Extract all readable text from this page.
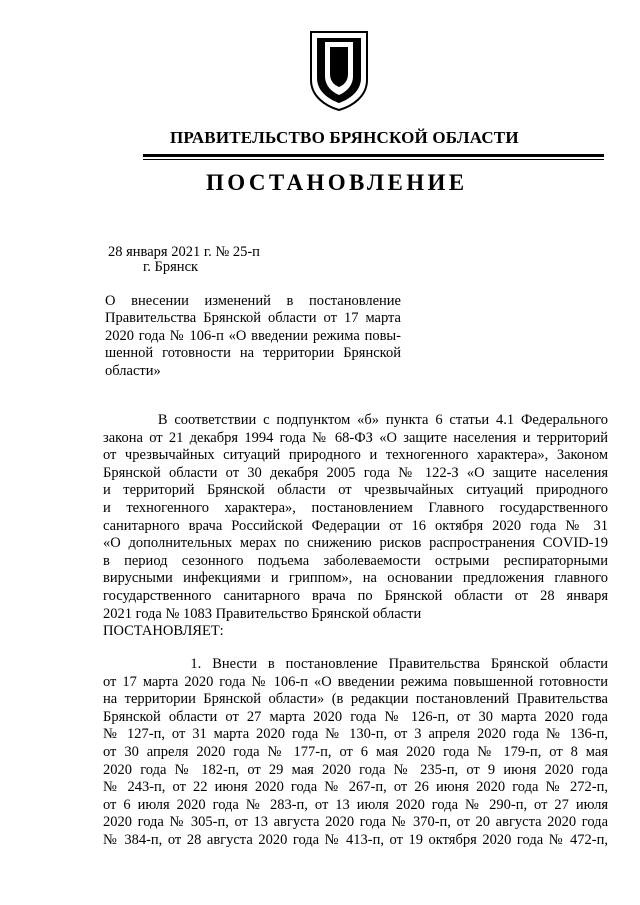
ПРАВИТЕЛЬСТВО БРЯНСКОЙ ОБЛАСТИ
ПОСТАНОВЛЕНИЕ
28 января 2021 г. № 25-п
г. Брянск
О внесении изменений в постановление
Правительства Брянской области от 17 марта
2020 года № 106-п «О введении режима повы-
шенной готовности на территории Брянской
области»
В соответствии с подпунктом «б» пункта 6 статьи 4.1 Федерального
закона от 21 декабря 1994 года № 68-ФЗ «О защите населения и территорий
от чрезвычайных ситуаций природного и техногенного характера», Законом
Брянской области от 30 декабря 2005 года № 122-З «О защите населения
и территорий Брянской области от чрезвычайных ситуаций природного
и техногенного характера», постановлением Главного государственного
санитарного врача Российской Федерации от 16 октября 2020 года № 31
«О дополнительных мерах по снижению рисков распространения COVID-19
в период сезонного подъема заболеваемости острыми респираторными
вирусными инфекциями и гриппом», на основании предложения главного
государственного санитарного врача по Брянской области от 28 января
2021 года № 1083 Правительство Брянской области
ПОСТАНОВЛЯЕТ:
1. Внести в постановление Правительства Брянской области
от 17 марта 2020 года № 106-п «О введении режима повышенной готовности
на территории Брянской области» (в редакции постановлений Правительства
Брянской области от 27 марта 2020 года № 126-п, от 30 марта 2020 года
№ 127-п, от 31 марта 2020 года № 130-п, от 3 апреля 2020 года № 136-п,
от 30 апреля 2020 года № 177-п, от 6 мая 2020 года № 179-п, от 8 мая
2020 года № 182-п, от 29 мая 2020 года № 235-п, от 9 июня 2020 года
№ 243-п, от 22 июня 2020 года № 267-п, от 26 июня 2020 года № 272-п,
от 6 июля 2020 года № 283-п, от 13 июля 2020 года № 290-п, от 27 июля
2020 года № 305-п, от 13 августа 2020 года № 370-п, от 20 августа 2020 года
№ 384-п, от 28 августа 2020 года № 413-п, от 19 октября 2020 года № 472-п,
